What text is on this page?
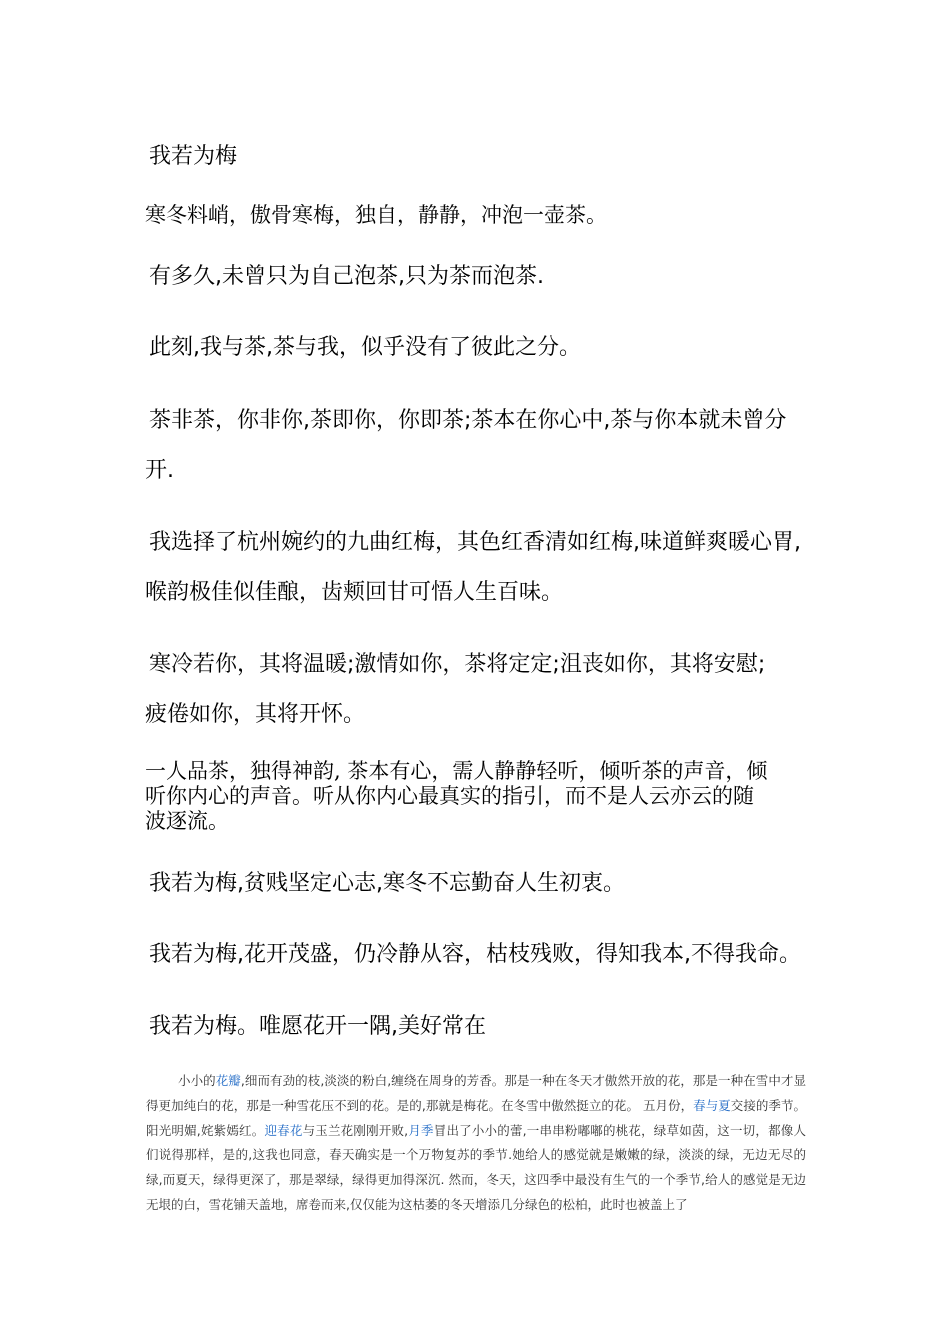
我若为梅

寒冬料峭，傲骨寒梅，独自，静静，冲泡一壶茶。

有多久,未曾只为自己泡茶,只为茶而泡茶.

此刻,我与茶,茶与我，似乎没有了彼此之分。

茶非茶，你非你,茶即你，你即茶;茶本在你心中,茶与你本就未曾分

开.

我选择了杭州婉约的九曲红梅，其色红香清如红梅,味道鲜爽暖心胃,

喉韵极佳似佳酿，齿颊回甘可悟人生百味。

寒冷若你，其将温暖;激情如你，茶将定定;沮丧如你，其将安慰;

疲倦如你，其将开怀。

一人品茶，独得神韵, 茶本有心，需人静静轻听，倾听茶的声音，倾

听你内心的声音。听从你内心最真实的指引，而不是人云亦云的随

波逐流。

我若为梅,贫贱坚定心志,寒冬不忘勤奋人生初衷。

我若为梅,花开茂盛，仍冷静从容，枯枝残败，得知我本,不得我命。

我若为梅。唯愿花开一隅,美好常在

小小的花瓣,细而有劲的枝,淡淡的粉白,缠绕在周身的芳香。那是一种在冬天才傲然开放的花，那是一种在雪中才显得更加纯白的花，那是一种雪花压不到的花。是的,那就是梅花。在冬雪中傲然挺立的花。 五月份，春与夏交接的季节。阳光明媚,姹紫嫣红。迎春花与玉兰花刚刚开败,月季冒出了小小的蕾,一串串粉嘟嘟的桃花，绿草如茵，这一切，都像人们说得那样，是的,这我也同意，春天确实是一个万物复苏的季节.她给人的感觉就是嫩嫩的绿，淡淡的绿，无边无尽的绿,而夏天，绿得更深了，那是翠绿，绿得更加得深沉. 然而，冬天，这四季中最没有生气的一个季节,给人的感觉是无边无垠的白，雪花铺天盖地，席卷而来,仅仅能为这枯萎的冬天增添几分绿色的松柏，此时也被盖上了
